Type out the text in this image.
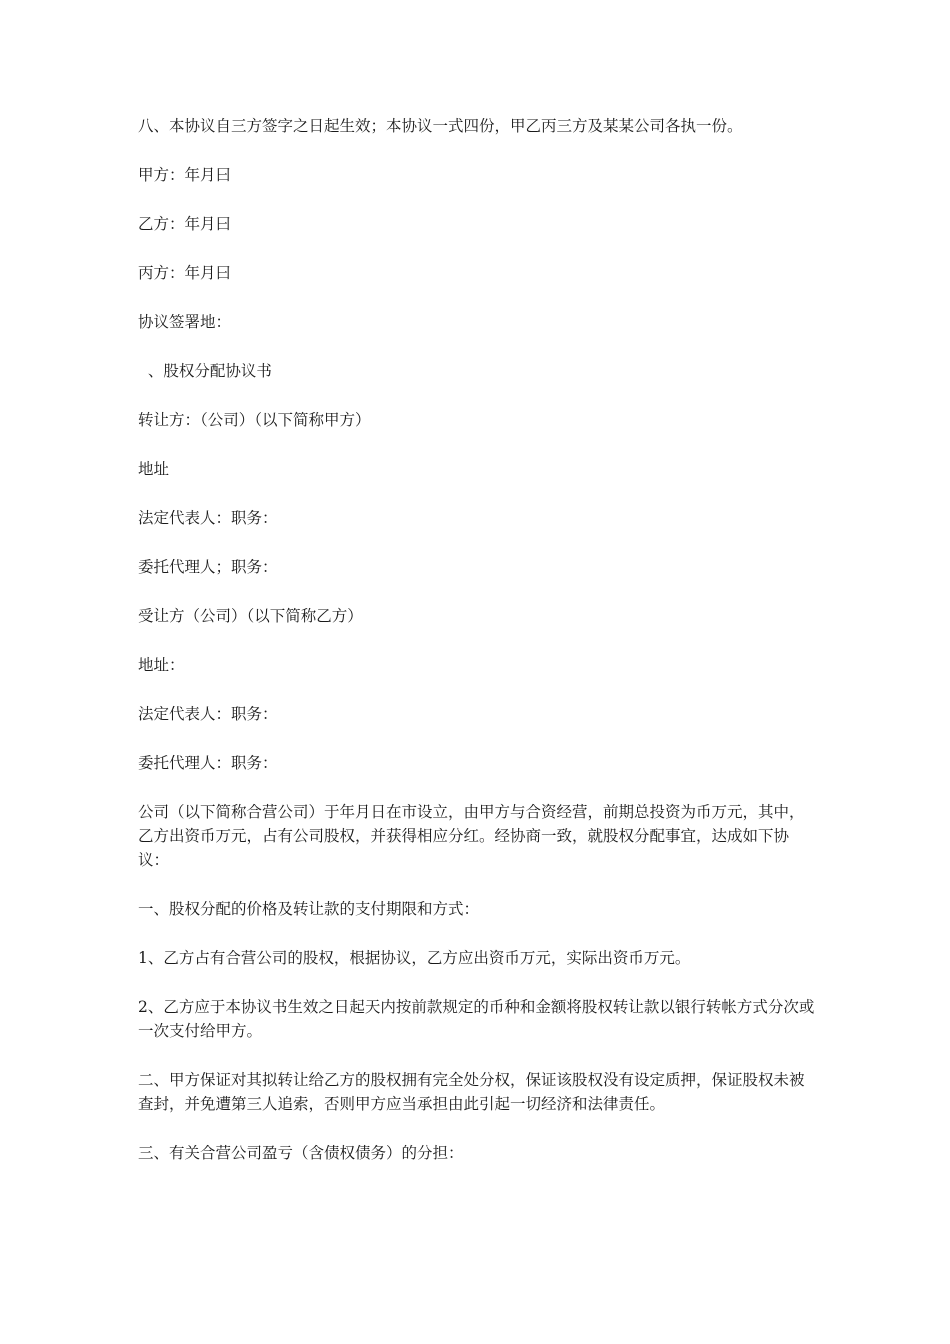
八、本协议自三方签字之日起生效；本协议一式四份，甲乙丙三方及某某公司各执一份。

甲方：年月曰

乙方：年月曰

丙方：年月曰

协议签署地：

、股权分配协议书

转让方：（公司）（以下简称甲方）

地址

法定代表人：职务：

委托代理人；职务：

受让方（公司）（以下简称乙方）

地址：

法定代表人：职务：

委托代理人：职务：

公司（以下简称合营公司）于年月日在市设立，由甲方与合资经营，前期总投资为币万元，其中，乙方出资币万元，占有公司股权，并获得相应分红。经协商一致，就股权分配事宜，达成如下协议：

一、股权分配的价格及转让款的支付期限和方式：

1、乙方占有合营公司的股权，根据协议，乙方应出资币万元，实际出资币万元。

2、乙方应于本协议书生效之日起天内按前款规定的币种和金额将股权转让款以银行转帐方式分次或一次支付给甲方。

二、甲方保证对其拟转让给乙方的股权拥有完全处分权，保证该股权没有设定质押，保证股权未被查封，并免遭第三人追索，否则甲方应当承担由此引起一切经济和法律责任。

三、有关合营公司盈亏（含债权债务）的分担：
